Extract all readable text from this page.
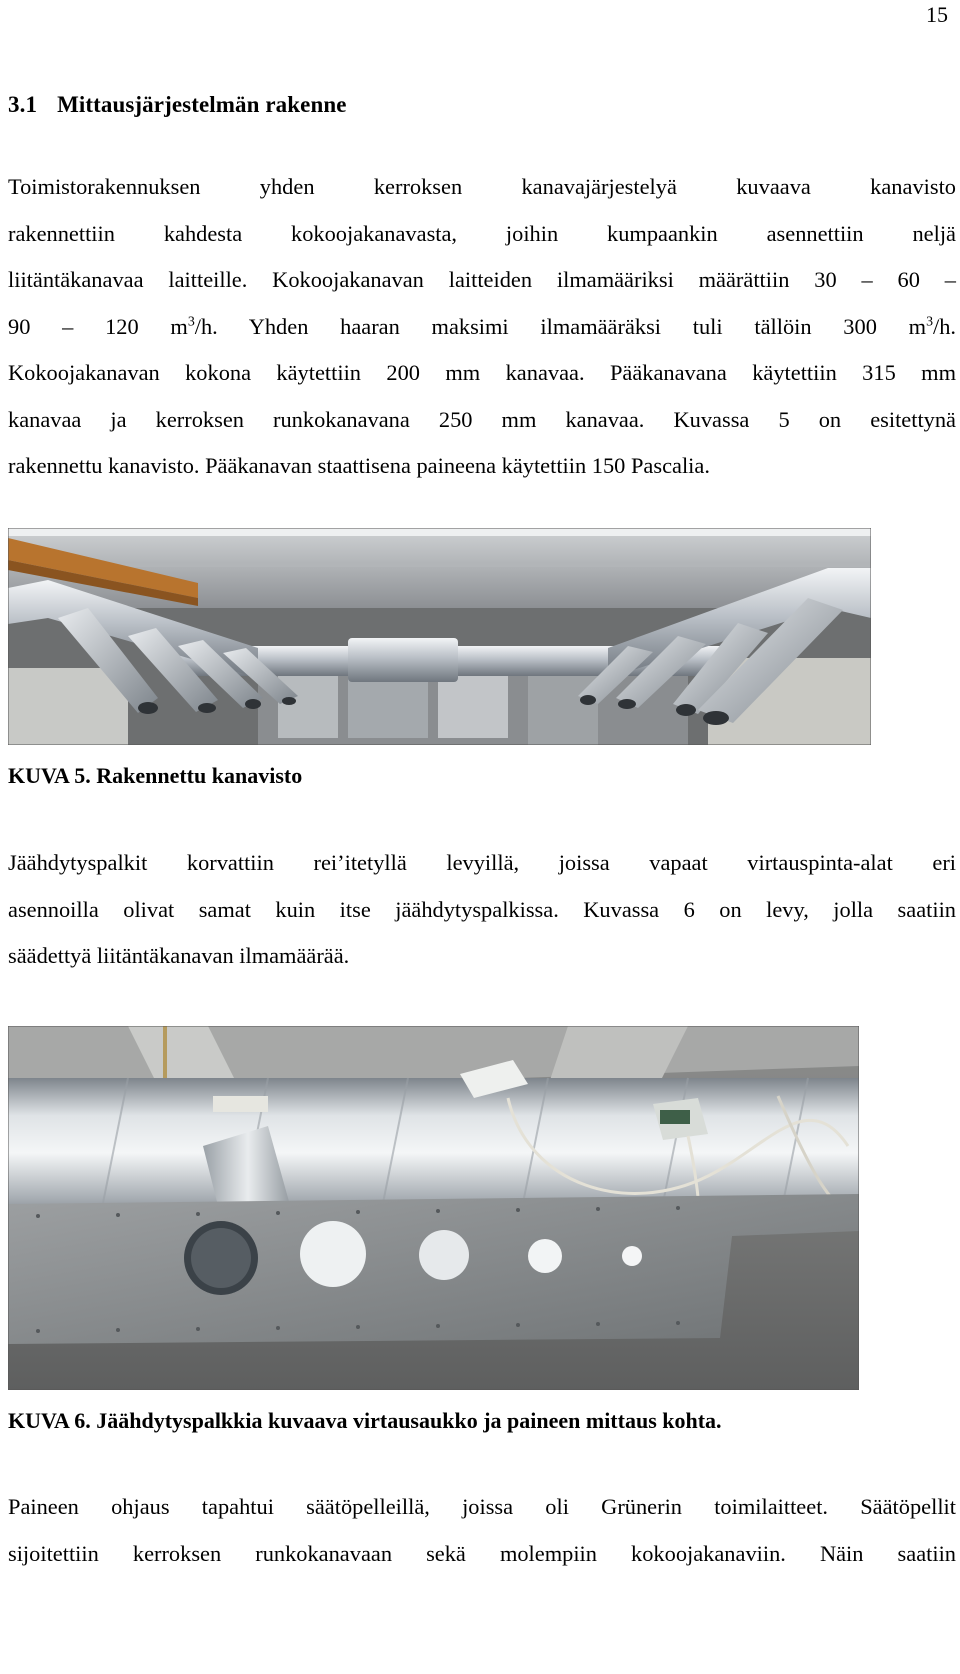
15
3.1 Mittausjärjestelmän rakenne
Toimistorakennuksen yhden kerroksen kanavajärjestelyä kuvaava kanavisto
rakennettiin kahdesta kokoojakanavasta, joihin kumpaankin asennettiin neljä
liitäntäkanavaa laitteille. Kokoojakanavan laitteiden ilmamääriksi määrättiin 30 – 60 –
90 – 120 $m^3/h$. Yhden haaran maksimi ilmamääräksi tuli tällöin 300 $m^3/h$.
Kokoojakanavan kokona käytettiin 200 mm kanavaa. Pääkanavana käytettiin 315 mm
kanavaa ja kerroksen runkokanavana 250 mm kanavaa. Kuvassa 5 on esitettynä
rakennettu kanavisto. Pääkanavan staattisena paineena käytettiin 150 Pascalia.
KUVA 5. Rakennettu kanavisto
Jäähdytyspalkit korvattiin rei’itetyllä levyillä, joissa vapaat virtauspinta-alat eri
asennoilla olivat samat kuin itse jäähdytyspalkissa. Kuvassa 6 on levy, jolla saatiin
säädettyä liitäntäkanavan ilmamäärää.
KUVA 6. Jäähdytyspalkkia kuvaava virtausaukko ja paineen mittaus kohta.
Paineen ohjaus tapahtui säätöpelleillä, joissa oli Grünerin toimilaitteet. Säätöpellit
sijoitettiin kerroksen runkokanavaan sekä molempiin kokoojakanaviin. Näin saatiin
